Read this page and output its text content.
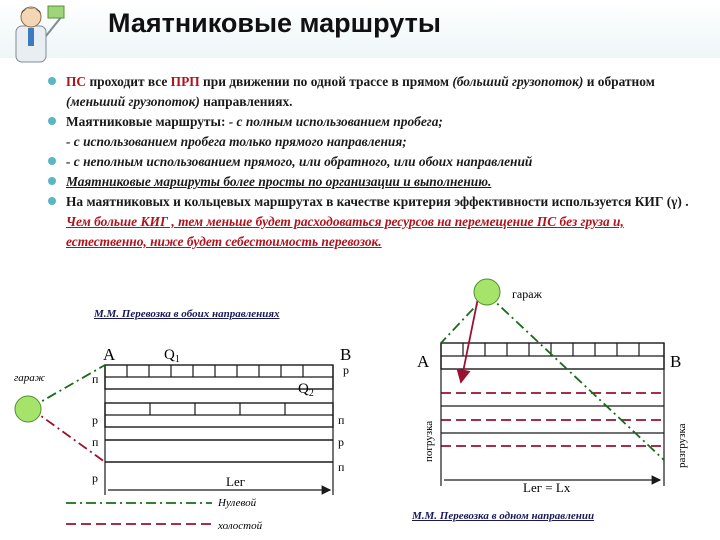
Маятниковые маршруты
ПС проходит все ПРП при движении по одной трассе в прямом (больший грузопоток) и обратном (меньший грузопоток) направлениях.
Маятниковые маршруты: - с полным использованием пробега;
- с использованием пробега только прямого направления;
- с неполным использованием прямого, или обратного, или обоих направлений
Маятниковые маршруты более просты по организации и выполнению.
На маятниковых и кольцевых маршрутах в качестве критерия эффективности используется КИГ (γ) . Чем больше КИГ , тем меньше будет расходоваться ресурсов на перемещение ПС без груза и, естественно, ниже будет себестоимость перевозок.
гараж
А	В
$Q_1$
$Q_2$
р
п
р	п
п	р
р
п
Lег
Нулевой
холостой
гараж
А	В
погрузка	разгрузка
Lег = Lх
М.М. Перевозка в обоих направлениях
М.М. Перевозка в одном направлении
